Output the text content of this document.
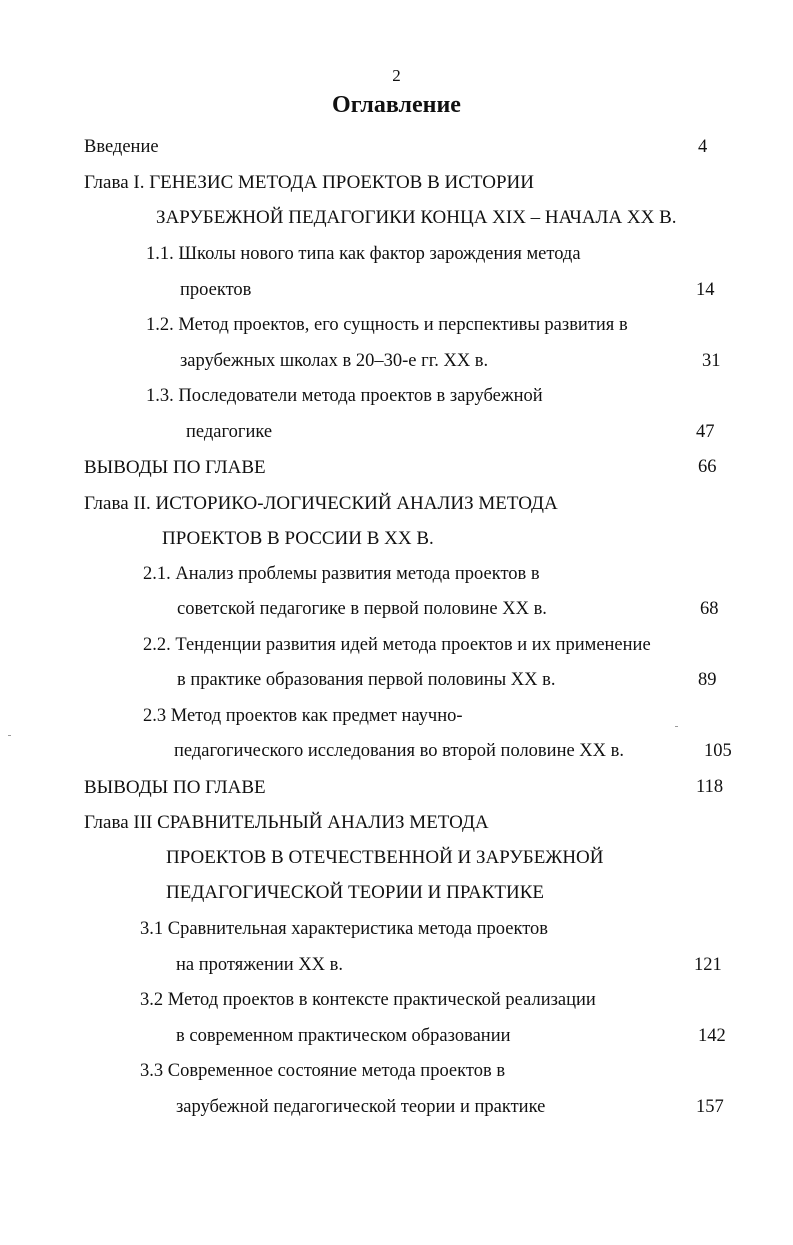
2
Оглавление
Введение	4
Глава I. ГЕНЕЗИС МЕТОДА ПРОЕКТОВ В ИСТОРИИ
ЗАРУБЕЖНОЙ ПЕДАГОГИКИ КОНЦА XIX – НАЧАЛА XX В.
1.1. Школы нового типа как фактор зарождения метода
проектов	14
1.2. Метод проектов, его сущность и перспективы развития в
зарубежных школах в 20–30-е гг. XX в.	31
1.3. Последователи метода проектов в зарубежной
педагогике	47
ВЫВОДЫ ПО ГЛАВЕ	66
Глава II. ИСТОРИКО-ЛОГИЧЕСКИЙ АНАЛИЗ МЕТОДА
ПРОЕКТОВ В РОССИИ В XX В.
2.1. Анализ проблемы развития метода проектов в
советской педагогике в первой половине XX в.	68
2.2. Тенденции развития идей метода проектов и их применение
в практике образования первой половины XX в.	89
2.3 Метод проектов как предмет научно-
педагогического исследования во второй половине XX в.	105
ВЫВОДЫ ПО ГЛАВЕ	118
Глава III СРАВНИТЕЛЬНЫЙ АНАЛИЗ МЕТОДА
ПРОЕКТОВ В ОТЕЧЕСТВЕННОЙ И ЗАРУБЕЖНОЙ
ПЕДАГОГИЧЕСКОЙ ТЕОРИИ И ПРАКТИКЕ
3.1 Сравнительная характеристика метода проектов
на протяжении XX в.	121
3.2 Метод проектов в контексте практической реализации
в современном практическом образовании	142
3.3 Современное состояние метода проектов в
зарубежной педагогической теории и практике	157
